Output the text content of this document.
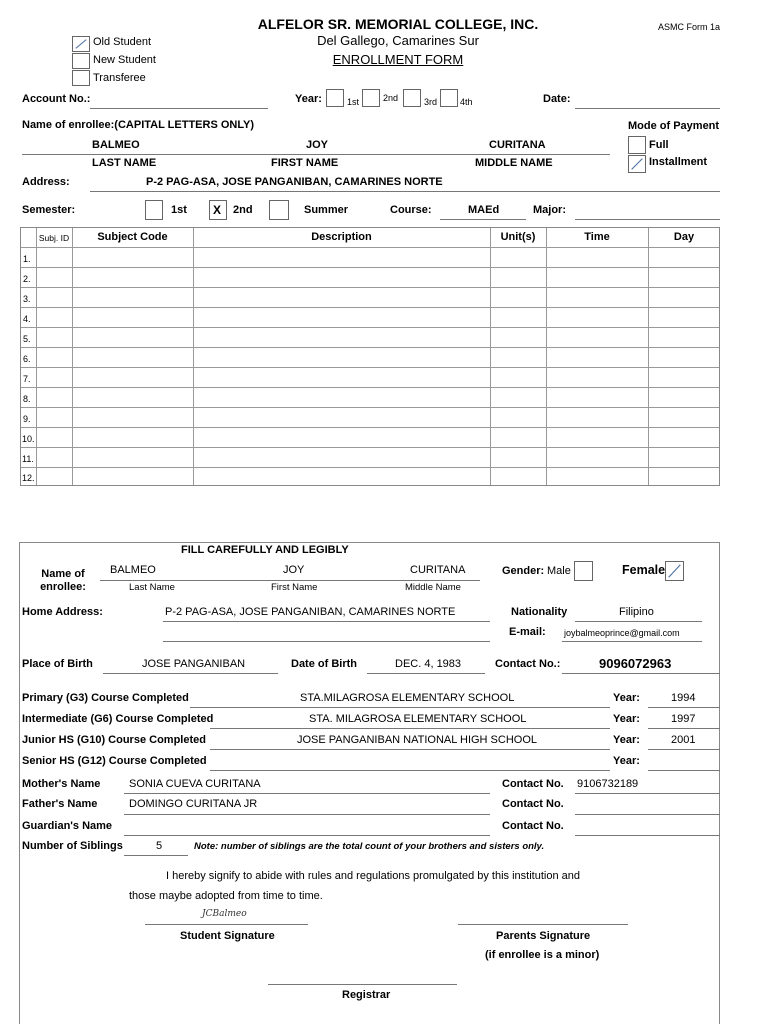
ALFELOR SR. MEMORIAL COLLEGE, INC.
Del Gallego, Camarines Sur
ENROLLMENT FORM
ASMC Form 1a
Old Student
New Student
Transferee
Account No.:	Year:	1st	2nd	3rd	4th	Date:
Name of enrollee:(CAPITAL LETTERS ONLY)	Mode of Payment
BALMEO	JOY	CURITANA
LAST NAME	FIRST NAME	MIDDLE NAME
Full
Installment
Address:	P-2 PAG-ASA, JOSE PANGANIBAN, CAMARINES NORTE
Semester:	1st X 2nd	Summer	Course:	MAEd	Major:
Subj. ID	Subject Code	Description	Unit(s)	Time	Day
1.
2.
3.
4.
5.
6.
7.
8.
9.
10.
11.
12.
FILL CAREFULLY AND LEGIBLY
Name of
enrollee:
BALMEO	JOY	CURITANA
Last Name	First Name	Middle Name
Gender: Male	Female
Home Address:	P-2 PAG-ASA, JOSE PANGANIBAN, CAMARINES NORTE	Nationality	Filipino
E-mail: joybalmeoprince@gmail.com
Place of Birth	JOSE PANGANIBAN	Date of Birth	DEC. 4, 1983	Contact No.:	9096072963
Primary (G3) Course Completed	STA.MILAGROSA ELEMENTARY SCHOOL	Year:	1994
Intermediate (G6) Course Completed	STA. MILAGROSA ELEMENTARY SCHOOL	Year:	1997
Junior HS (G10) Course Completed	JOSE PANGANIBAN NATIONAL HIGH SCHOOL	Year:	2001
Senior HS (G12) Course Completed	Year:
Mother's Name	SONIA CUEVA CURITANA	Contact No. 9106732189
Father's Name	DOMINGO CURITANA JR	Contact No.
Guardian's Name	Contact No.
Number of Siblings	5	Note: number of siblings are the total count of your brothers and sisters only.
I hereby signify to abide with rules and regulations promulgated by this institution and
those maybe adopted from time to time.
JCBalmeo
Student Signature	Parents Signature
(if enrollee is a minor)
Registrar
